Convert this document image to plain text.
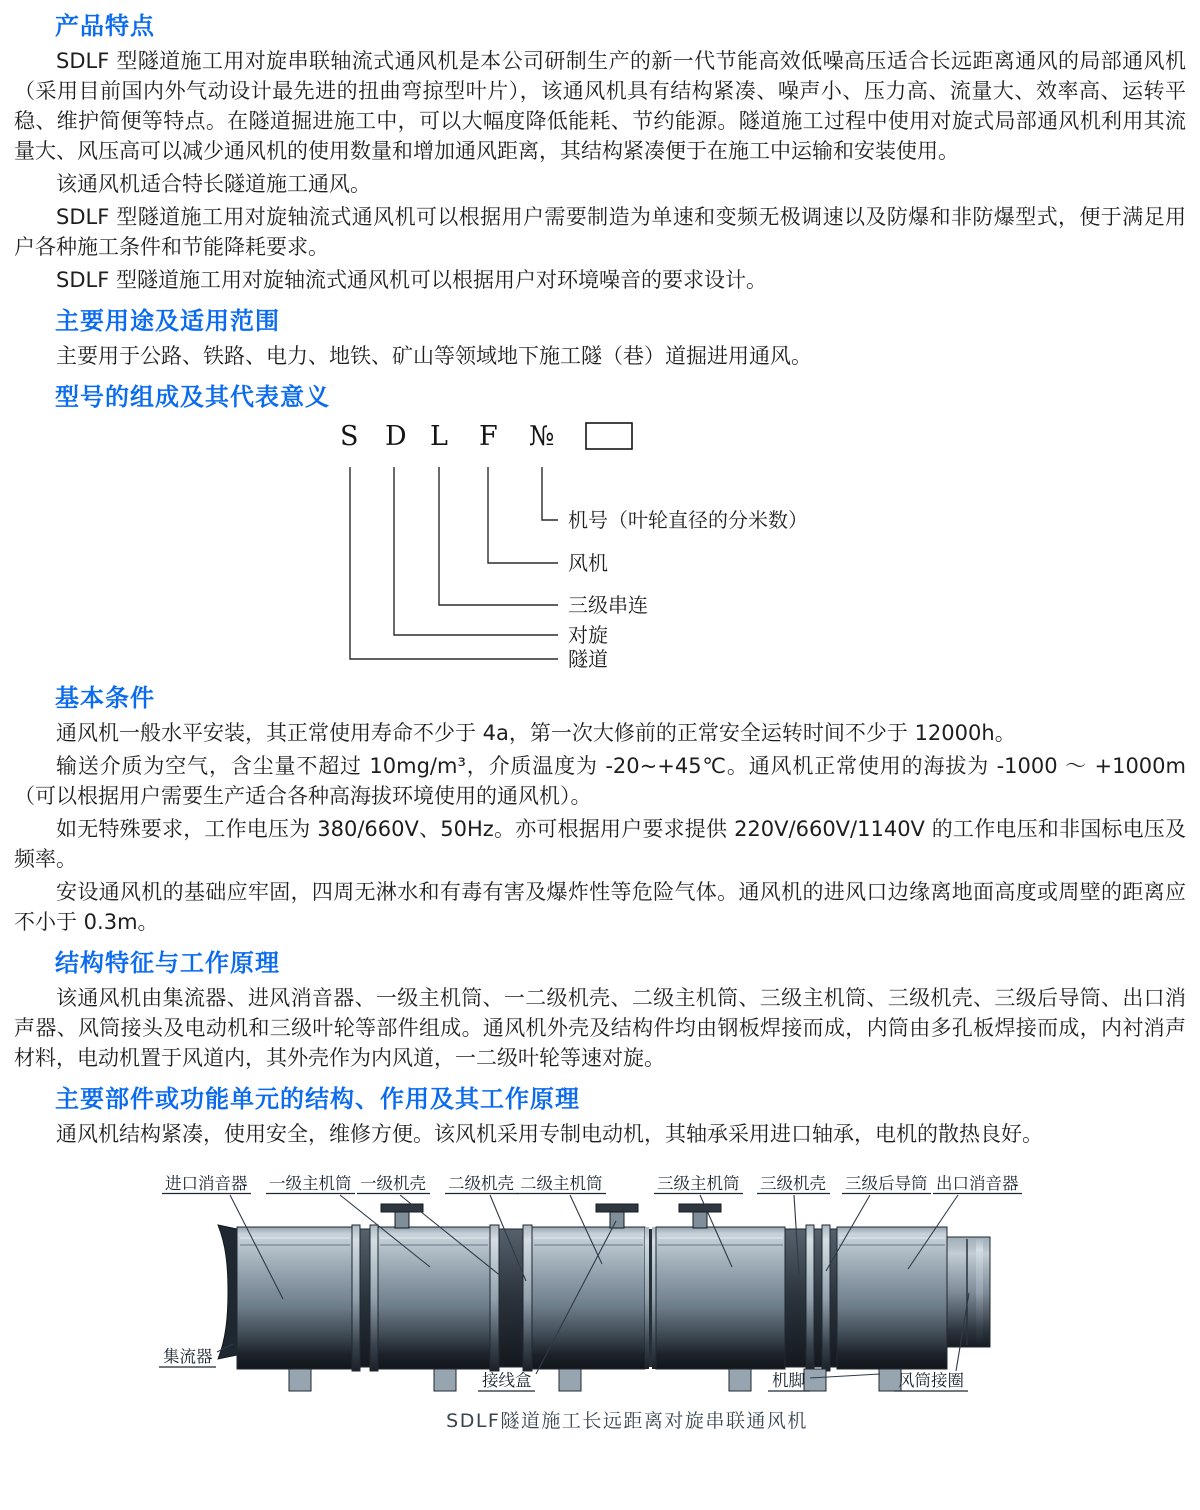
产品特点

SDLF 型隧道施工用对旋串联轴流式通风机是本公司研制生产的新一代节能高效低噪高压适合长远距离通风的局部通风机（采用目前国内外气动设计最先进的扭曲弯掠型叶片），该通风机具有结构紧凑、噪声小、压力高、流量大、效率高、运转平稳、维护简便等特点。在隧道掘进施工中，可以大幅度降低能耗、节约能源。隧道施工过程中使用对旋式局部通风机利用其流量大、风压高可以减少通风机的使用数量和增加通风距离，其结构紧凑便于在施工中运输和安装使用。

该通风机适合特长隧道施工通风。

SDLF 型隧道施工用对旋轴流式通风机可以根据用户需要制造为单速和变频无极调速以及防爆和非防爆型式，便于满足用户各种施工条件和节能降耗要求。

SDLF 型隧道施工用对旋轴流式通风机可以根据用户对环境噪音的要求设计。

主要用途及适用范围

主要用于公路、铁路、电力、地铁、矿山等领域地下施工隧（巷）道掘进用通风。

型号的组成及其代表意义
S D L F №
机号（叶轮直径的分米数）
风机
三级串连
对旋
隧道
基本条件

通风机一般水平安装，其正常使用寿命不少于 4a，第一次大修前的正常安全运转时间不少于 12000h。

输送介质为空气，含尘量不超过 10mg/m³，介质温度为 -20~+45℃。通风机正常使用的海拔为 -1000 ～ +1000m（可以根据用户需要生产适合各种高海拔环境使用的通风机）。

如无特殊要求，工作电压为 380/660V、50Hz。亦可根据用户要求提供 220V/660V/1140V 的工作电压和非国标电压及频率。

安设通风机的基础应牢固，四周无淋水和有毒有害及爆炸性等危险气体。通风机的进风口边缘离地面高度或周壁的距离应不小于 0.3m。

结构特征与工作原理

该通风机由集流器、进风消音器、一级主机筒、一二级机壳、二级主机筒、三级主机筒、三级机壳、三级后导筒、出口消声器、风筒接头及电动机和三级叶轮等部件组成。通风机外壳及结构件均由钢板焊接而成，内筒由多孔板焊接而成，内衬消声材料，电动机置于风道内，其外壳作为内风道，一二级叶轮等速对旋。

主要部件或功能单元的结构、作用及其工作原理

通风机结构紧凑，使用安全，维修方便。该风机采用专制电动机，其轴承采用进口轴承，电机的散热良好。

进口消音器 一级主机筒 一级机壳 二级机壳 二级主机筒	三级主机筒 三级机壳 三级后导筒 出口消音器
集流器
接线盒	机脚	风筒接圈
SDLF隧道施工长远距离对旋串联通风机
